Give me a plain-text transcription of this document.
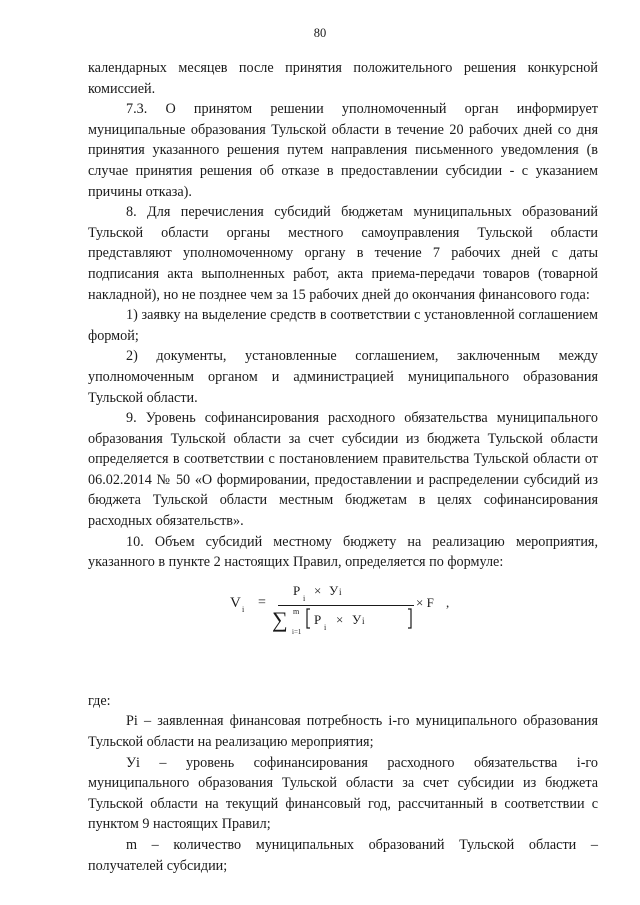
80

календарных месяцев после принятия положительного решения конкурсной комиссией.

7.3. О принятом решении уполномоченный орган информирует муниципальные образования Тульской области в течение 20 рабочих дней со дня принятия указанного решения путем направления письменного уведомления (в случае принятия решения об отказе в предоставлении субсидии - с указанием причины отказа).

8. Для перечисления субсидий бюджетам муниципальных образований Тульской области органы местного самоуправления Тульской области представляют уполномоченному органу в течение 7 рабочих дней с даты подписания акта выполненных работ, акта приема-передачи товаров (товарной накладной), но не позднее чем за 15 рабочих дней до окончания финансового года:

1) заявку на выделение средств в соответствии с установленной соглашением формой;

2) документы, установленные соглашением, заключенным между уполномоченным органом и администрацией муниципального образования Тульской области.

9. Уровень софинансирования расходного обязательства муниципального образования Тульской области за счет субсидии из бюджета Тульской области определяется в соответствии с постановлением правительства Тульской области от 06.02.2014 № 50 «О формировании, предоставлении и распределении субсидий из бюджета Тульской области местным бюджетам в целях софинансирования расходных обязательств».

10. Объем субсидий местному бюджету на реализацию мероприятия, указанного в пункте 2 настоящих Правил, определяется по формуле:

где:

Pi – заявленная финансовая потребность i-го муниципального образования Тульской области на реализацию мероприятия;

Уi – уровень софинансирования расходного обязательства i-го муниципального образования Тульской области за счет субсидии из бюджета Тульской области на текущий финансовый год, рассчитанный в соответствии с пунктом 9 настоящих Правил;

m – количество муниципальных образований Тульской области – получателей субсидии;

V i =
P
i
× У i
∑ m
i=1
P
i
× У i
× F ,
